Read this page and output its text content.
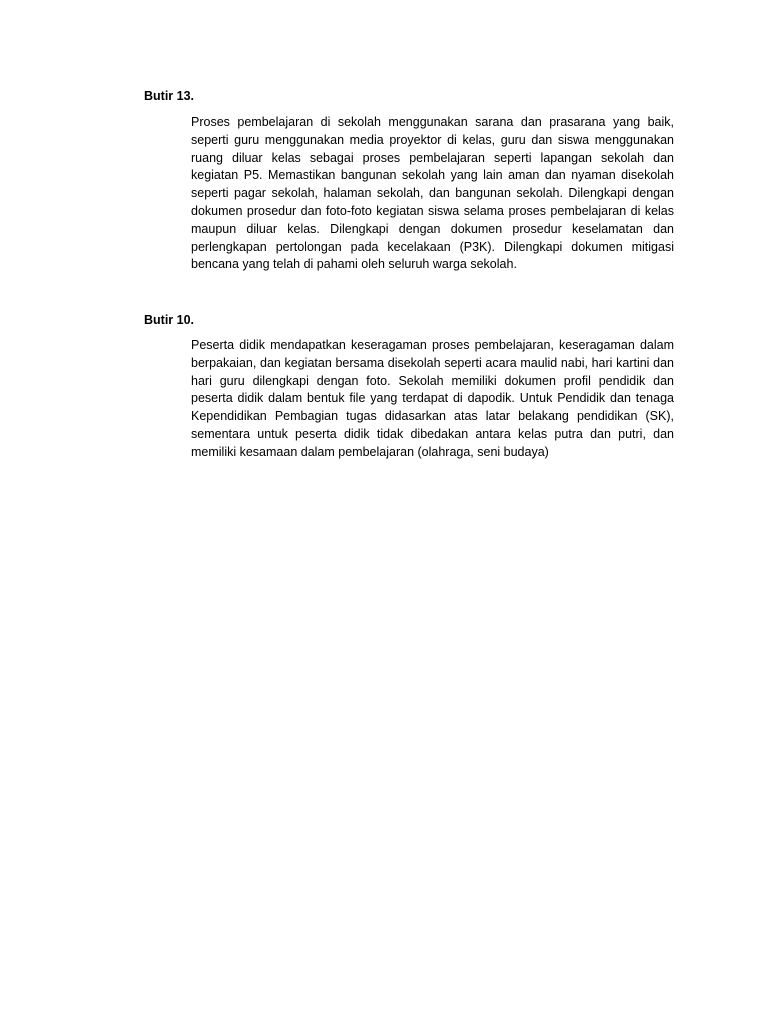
Butir 13.

Proses pembelajaran di sekolah menggunakan sarana dan prasarana yang baik, seperti guru menggunakan media proyektor di kelas, guru dan siswa menggunakan ruang diluar kelas sebagai proses pembelajaran seperti lapangan sekolah dan kegiatan P5. Memastikan bangunan sekolah yang lain aman dan nyaman disekolah seperti pagar sekolah, halaman sekolah, dan bangunan sekolah. Dilengkapi dengan dokumen prosedur dan foto-foto kegiatan siswa selama proses pembelajaran di kelas maupun diluar kelas. Dilengkapi dengan dokumen prosedur keselamatan dan perlengkapan pertolongan pada kecelakaan (P3K). Dilengkapi dokumen mitigasi bencana yang telah di pahami oleh seluruh warga sekolah.

Butir 10.

Peserta didik mendapatkan keseragaman proses pembelajaran, keseragaman dalam berpakaian, dan kegiatan bersama disekolah seperti acara maulid nabi, hari kartini dan hari guru dilengkapi dengan foto. Sekolah memiliki dokumen profil pendidik dan peserta didik dalam bentuk file yang terdapat di dapodik. Untuk Pendidik dan tenaga Kependidikan Pembagian tugas didasarkan atas latar belakang pendidikan (SK), sementara untuk peserta didik tidak dibedakan antara kelas putra dan putri, dan memiliki kesamaan dalam pembelajaran (olahraga, seni budaya)
